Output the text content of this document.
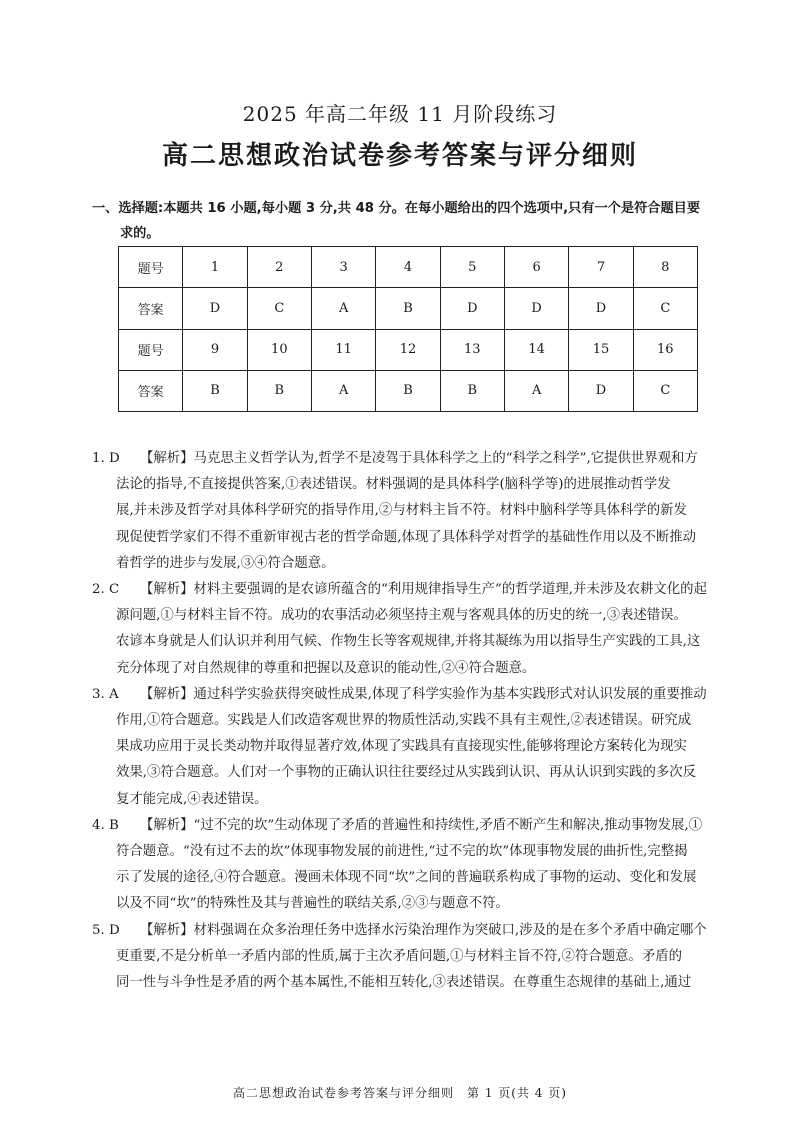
2025 年高二年级 11 月阶段练习
高二思想政治试卷参考答案与评分细则
一、选择题:本题共 16 小题,每小题 3 分,共 48 分。在每小题给出的四个选项中,只有一个是符合题目要
求的。
题号	1	2	3	4	5	6	7	8
答案	D	C	A	B	D	D	D	C
题号	9	10	11	12	13	14	15	16
答案	B	B	A	B	B	A	D	C
1. D 【解析】马克思主义哲学认为,哲学不是凌驾于具体科学之上的“科学之科学”,它提供世界观和方
法论的指导,不直接提供答案,①表述错误。材料强调的是具体科学(脑科学等)的进展推动哲学发
展,并未涉及哲学对具体科学研究的指导作用,②与材料主旨不符。材料中脑科学等具体科学的新发
现促使哲学家们不得不重新审视古老的哲学命题,体现了具体科学对哲学的基础性作用以及不断推动
着哲学的进步与发展,③④符合题意。
2. C 【解析】材料主要强调的是农谚所蕴含的“利用规律指导生产”的哲学道理,并未涉及农耕文化的起
源问题,①与材料主旨不符。成功的农事活动必须坚持主观与客观具体的历史的统一,③表述错误。
农谚本身就是人们认识并利用气候、作物生长等客观规律,并将其凝练为用以指导生产实践的工具,这
充分体现了对自然规律的尊重和把握以及意识的能动性,②④符合题意。
3. A 【解析】通过科学实验获得突破性成果,体现了科学实验作为基本实践形式对认识发展的重要推动
作用,①符合题意。实践是人们改造客观世界的物质性活动,实践不具有主观性,②表述错误。研究成
果成功应用于灵长类动物并取得显著疗效,体现了实践具有直接现实性,能够将理论方案转化为现实
效果,③符合题意。人们对一个事物的正确认识往往要经过从实践到认识、再从认识到实践的多次反
复才能完成,④表述错误。
4. B 【解析】“过不完的坎”生动体现了矛盾的普遍性和持续性,矛盾不断产生和解决,推动事物发展,①
符合题意。“没有过不去的坎”体现事物发展的前进性,“过不完的坎”体现事物发展的曲折性,完整揭
示了发展的途径,④符合题意。漫画未体现不同“坎”之间的普遍联系构成了事物的运动、变化和发展
以及不同“坎”的特殊性及其与普遍性的联结关系,②③与题意不符。
5. D 【解析】材料强调在众多治理任务中选择水污染治理作为突破口,涉及的是在多个矛盾中确定哪个
更重要,不是分析单一矛盾内部的性质,属于主次矛盾问题,①与材料主旨不符,②符合题意。矛盾的
同一性与斗争性是矛盾的两个基本属性,不能相互转化,③表述错误。在尊重生态规律的基础上,通过
高二思想政治试卷参考答案与评分细则　第 1 页(共 4 页)
